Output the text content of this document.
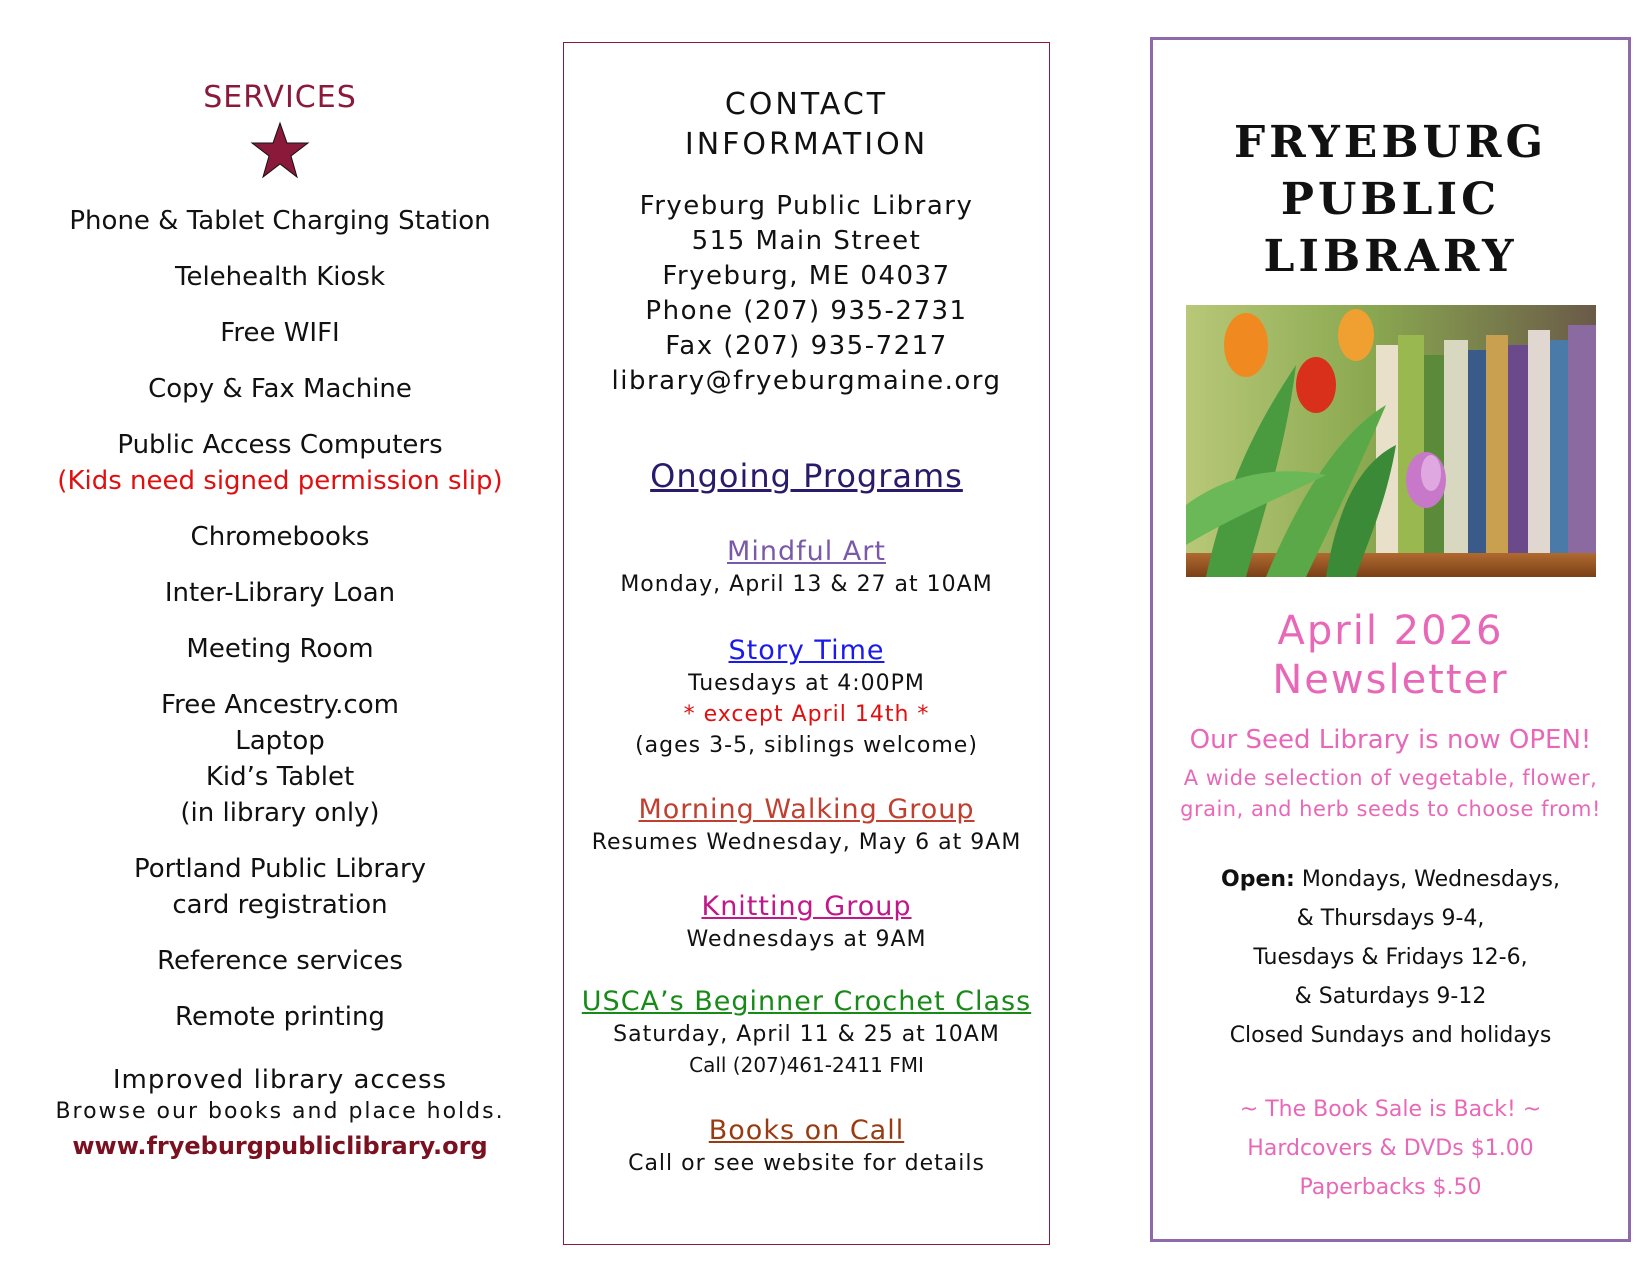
SERVICES
Phone & Tablet Charging Station
Telehealth Kiosk
Free WIFI
Copy & Fax Machine
Public Access Computers
(Kids need signed permission slip)
Chromebooks
Inter-Library Loan
Meeting Room
Free Ancestry.com
Laptop
Kid’s Tablet
(in library only)
Portland Public Library
card registration
Reference services
Remote printing
Improved library access
Browse our books and place holds.
www.fryeburgpubliclibrary.org
CONTACT
INFORMATION
Fryeburg Public Library
515 Main Street
Fryeburg, ME 04037
Phone (207) 935-2731
Fax (207) 935-7217
library@fryeburgmaine.org
Ongoing Programs
Mindful Art
Monday, April 13 & 27 at 10AM
Story Time
Tuesdays at 4:00PM
* except April 14th *
(ages 3-5, siblings welcome)
Morning Walking Group
Resumes Wednesday, May 6 at 9AM
Knitting Group
Wednesdays at 9AM
USCA’s Beginner Crochet Class
Saturday, April 11 & 25 at 10AM
Call (207)461-2411 FMI
Books on Call
Call or see website for details
FRYEBURG
PUBLIC
LIBRARY
April 2026
Newsletter
Our Seed Library is now OPEN!
A wide selection of vegetable, flower,
grain, and herb seeds to choose from!
Open: Mondays, Wednesdays,
& Thursdays 9-4,
Tuesdays & Fridays 12-6,
& Saturdays 9-12
Closed Sundays and holidays
~ The Book Sale is Back! ~
Hardcovers & DVDs $1.00
Paperbacks $.50
